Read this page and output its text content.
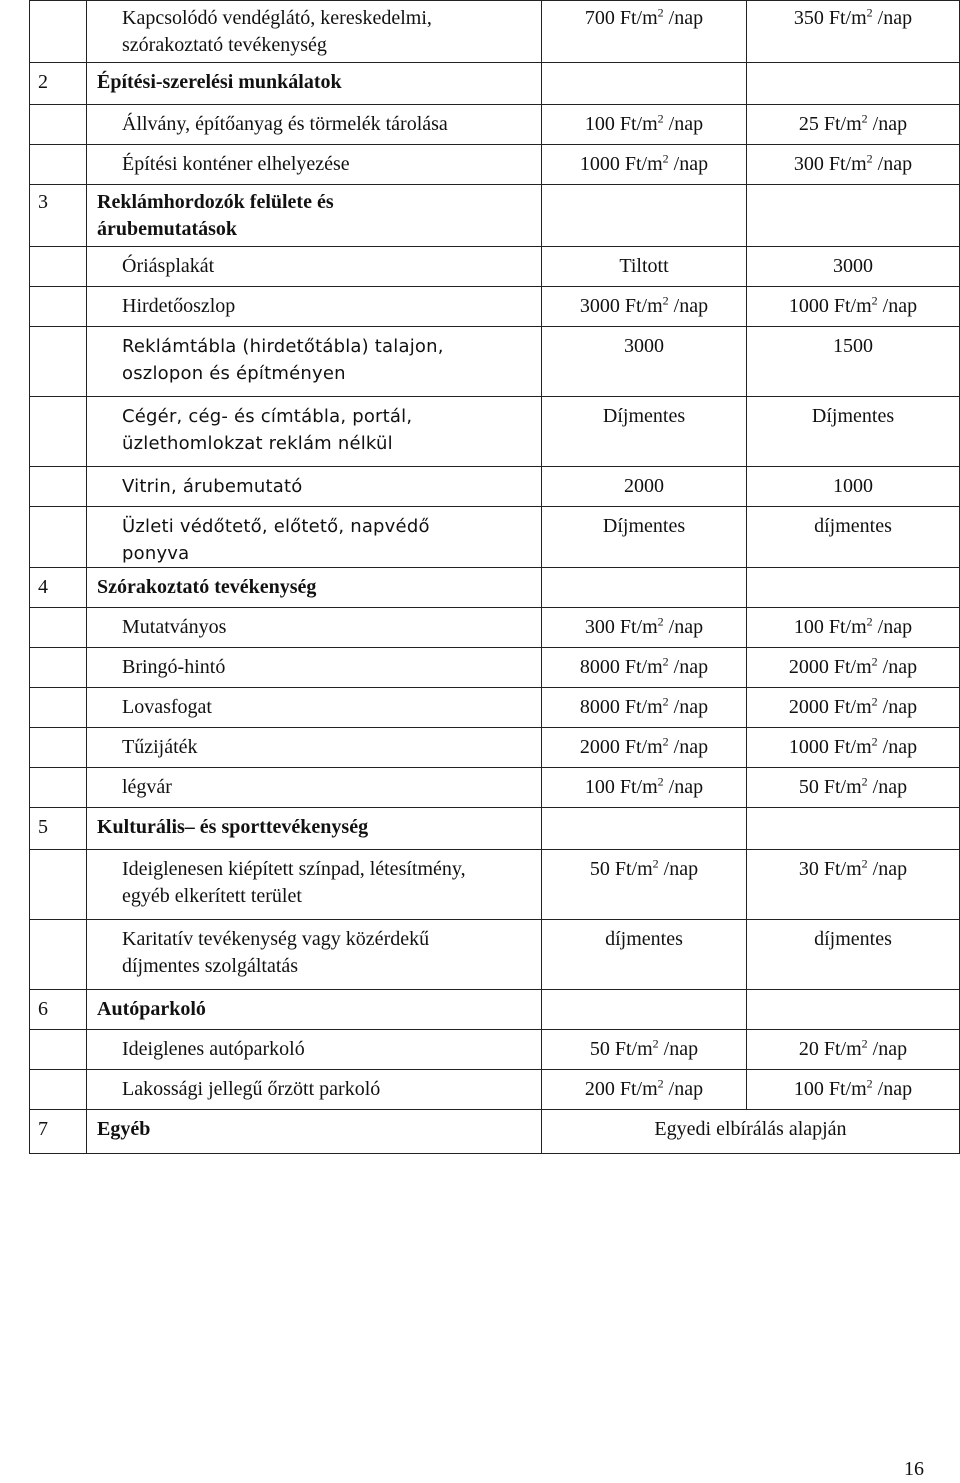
	Kapcsolódó vendéglátó, kereskedelmi, szórakoztató tevékenység	700 $Ft/m^2$ /nap	350 $Ft/m^2$ /nap
2	Építési-szerelési munkálatok		
	Állvány, építőanyag és törmelék tárolása	100 $Ft/m^2$ /nap	25 $Ft/m^2$ /nap
	Építési konténer elhelyezése	1000 $Ft/m^2$ /nap	300 $Ft/m^2$ /nap
3	Reklámhordozók felülete és árubemutatások		
	Óriásplakát	Tiltott	3000
	Hirdetőoszlop	3000 $Ft/m^2$ /nap	1000 $Ft/m^2$ /nap
	Reklámtábla (hirdetőtábla) talajon, oszlopon és építményen	3000	1500
	Cégér, cég- és címtábla, portál, üzlethomlokzat reklám nélkül	Díjmentes	Díjmentes
	Vitrin, árubemutató	2000	1000
	Üzleti védőtető, előtető, napvédő ponyva	Díjmentes	díjmentes
4	Szórakoztató tevékenység		
	Mutatványos	300 $Ft/m^2$ /nap	100 $Ft/m^2$ /nap
	Bringó-hintó	8000 $Ft/m^2$ /nap	2000 $Ft/m^2$ /nap
	Lovasfogat	8000 $Ft/m^2$ /nap	2000 $Ft/m^2$ /nap
	Tűzijáték	2000 $Ft/m^2$ /nap	1000 $Ft/m^2$ /nap
	légvár	100 $Ft/m^2$ /nap	50 $Ft/m^2$ /nap
5	Kulturális– és sporttevékenység		
	Ideiglenesen kiépített színpad, létesítmény, egyéb elkerített terület	50 $Ft/m^2$ /nap	30 $Ft/m^2$ /nap
	Karitatív tevékenység vagy közérdekű díjmentes szolgáltatás	díjmentes	díjmentes
6	Autóparkoló		
	Ideiglenes autóparkoló	50 $Ft/m^2$ /nap	20 $Ft/m^2$ /nap
	Lakossági jellegű őrzött parkoló	200 $Ft/m^2$ /nap	100 $Ft/m^2$ /nap
7	Egyéb	Egyedi elbírálás alapján	
16
